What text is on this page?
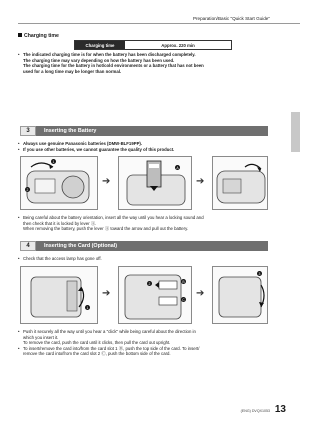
Preparation/Basic "Quick Start Guide"
Charging time
Charging time	Approx. 220 min
• The indicated charging time is for when the battery has been discharged completely.
The charging time may vary depending on how the battery has been used.
The charging time for the battery in hot/cold environments or a battery that has not been
used for a long time may be longer than normal.
3	Inserting the Battery
• Always use genuine Panasonic batteries (DMW-BLF19PP).
• If you use other batteries, we cannot guarantee the quality of this product.
1
2
➔
A
➔
• Being careful about the battery orientation, insert all the way until you hear a locking sound and
then check that it is locked by lever Ⓐ.
When removing the battery, push the lever Ⓐ toward the arrow and pull out the battery.
4	Inserting the Card (Optional)
• Check that the access lamp has gone off.
1
➔
B
C
2
➔
3
• Push it securely all the way until you hear a "click" while being careful about the direction in
which you insert it.
To remove the card, push the card until it clicks, then pull the card out upright.
• To insert/remove the card into/from the card slot 1 Ⓑ, push the top side of the card. To insert/
remove the card into/from the card slot 2 Ⓒ, push the bottom side of the card.
13
(ENG) DVQX1053
